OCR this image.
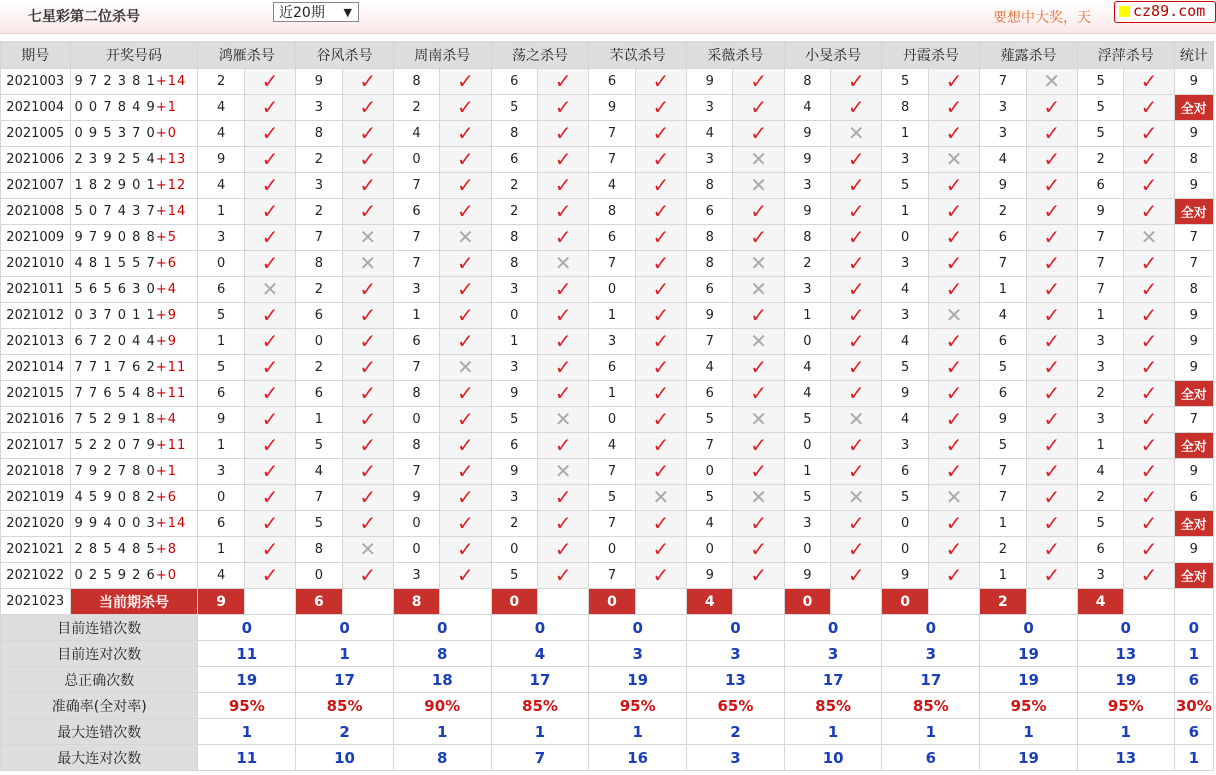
七星彩第二位杀号	近20期 ▼	要想中大奖，天	cz89.com
期号	开奖号码	鸿雁杀号		谷风杀号		周南杀号		荡之杀号		芣苡杀号		采薇杀号		小旻杀号		丹霞杀号		薤露杀号		浮萍杀号		统计
2021003	9 7 2 3 8 1+14	2	✓	9	✓	8	✓	6	✓	6	✓	9	✓	8	✓	5	✓	7	✕	5	✓	9
2021004	0 0 7 8 4 9+1	4	✓	3	✓	2	✓	5	✓	9	✓	3	✓	4	✓	8	✓	3	✓	5	✓	全对
2021005	0 9 5 3 7 0+0	4	✓	8	✓	4	✓	8	✓	7	✓	4	✓	9	✕	1	✓	3	✓	5	✓	9
2021006	2 3 9 2 5 4+13	9	✓	2	✓	0	✓	6	✓	7	✓	3	✕	9	✓	3	✕	4	✓	2	✓	8
2021007	1 8 2 9 0 1+12	4	✓	3	✓	7	✓	2	✓	4	✓	8	✕	3	✓	5	✓	9	✓	6	✓	9
2021008	5 0 7 4 3 7+14	1	✓	2	✓	6	✓	2	✓	8	✓	6	✓	9	✓	1	✓	2	✓	9	✓	全对
2021009	9 7 9 0 8 8+5	3	✓	7	✕	7	✕	8	✓	6	✓	8	✓	8	✓	0	✓	6	✓	7	✕	7
2021010	4 8 1 5 5 7+6	0	✓	8	✕	7	✓	8	✕	7	✓	8	✕	2	✓	3	✓	7	✓	7	✓	7
2021011	5 6 5 6 3 0+4	6	✕	2	✓	3	✓	3	✓	0	✓	6	✕	3	✓	4	✓	1	✓	7	✓	8
2021012	0 3 7 0 1 1+9	5	✓	6	✓	1	✓	0	✓	1	✓	9	✓	1	✓	3	✕	4	✓	1	✓	9
2021013	6 7 2 0 4 4+9	1	✓	0	✓	6	✓	1	✓	3	✓	7	✕	0	✓	4	✓	6	✓	3	✓	9
2021014	7 7 1 7 6 2+11	5	✓	2	✓	7	✕	3	✓	6	✓	4	✓	4	✓	5	✓	5	✓	3	✓	9
2021015	7 7 6 5 4 8+11	6	✓	6	✓	8	✓	9	✓	1	✓	6	✓	4	✓	9	✓	6	✓	2	✓	全对
2021016	7 5 2 9 1 8+4	9	✓	1	✓	0	✓	5	✕	0	✓	5	✕	5	✕	4	✓	9	✓	3	✓	7
2021017	5 2 2 0 7 9+11	1	✓	5	✓	8	✓	6	✓	4	✓	7	✓	0	✓	3	✓	5	✓	1	✓	全对
2021018	7 9 2 7 8 0+1	3	✓	4	✓	7	✓	9	✕	7	✓	0	✓	1	✓	6	✓	7	✓	4	✓	9
2021019	4 5 9 0 8 2+6	0	✓	7	✓	9	✓	3	✓	5	✕	5	✕	5	✕	5	✕	7	✓	2	✓	6
2021020	9 9 4 0 0 3+14	6	✓	5	✓	0	✓	2	✓	7	✓	4	✓	3	✓	0	✓	1	✓	5	✓	全对
2021021	2 8 5 4 8 5+8	1	✓	8	✕	0	✓	0	✓	0	✓	0	✓	0	✓	0	✓	2	✓	6	✓	9
2021022	0 2 5 9 2 6+0	4	✓	0	✓	3	✓	5	✓	7	✓	9	✓	9	✓	9	✓	1	✓	3	✓	全对
2021023	当前期杀号	9		6		8		0		0		4		0		0		2		4		
目前连错次数		0		0		0		0		0		0		0		0		0		0		0
目前连对次数		11		1		8		4		3		3		3		3		19		13		1
总正确次数		19		17		18		17		19		13		17		17		19		19		6
准确率(全对率)		95%		85%		90%		85%		95%		65%		85%		85%		95%		95%		30%
最大连错次数		1		2		1		1		1		2		1		1		1		1		6
最大连对次数		11		10		8		7		16		3		10		6		19		13		1
